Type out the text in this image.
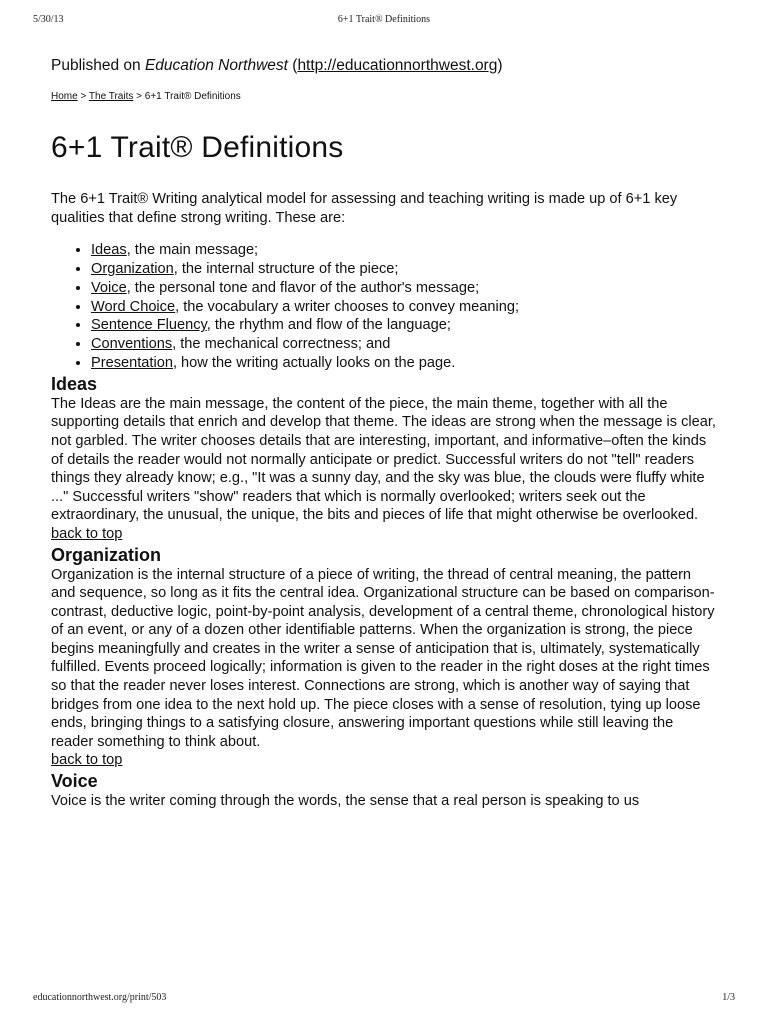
5/30/13	6+1 Trait® Definitions

Published on Education Northwest (http://educationnorthwest.org)

Home > The Traits > 6+1 Trait® Definitions
6+1 Trait® Definitions

The 6+1 Trait® Writing analytical model for assessing and teaching writing is made up of 6+1 key qualities that define strong writing. These are:

• Ideas, the main message;
• Organization, the internal structure of the piece;
• Voice, the personal tone and flavor of the author's message;
• Word Choice, the vocabulary a writer chooses to convey meaning;
• Sentence Fluency, the rhythm and flow of the language;
• Conventions, the mechanical correctness; and
• Presentation, how the writing actually looks on the page.
Ideas

The Ideas are the main message, the content of the piece, the main theme, together with all the supporting details that enrich and develop that theme. The ideas are strong when the message is clear, not garbled. The writer chooses details that are interesting, important, and informative–often the kinds of details the reader would not normally anticipate or predict. Successful writers do not "tell" readers things they already know; e.g., "It was a sunny day, and the sky was blue, the clouds were fluffy white ..." Successful writers "show" readers that which is normally overlooked; writers seek out the extraordinary, the unusual, the unique, the bits and pieces of life that might otherwise be overlooked.

back to top
Organization

Organization is the internal structure of a piece of writing, the thread of central meaning, the pattern and sequence, so long as it fits the central idea. Organizational structure can be based on comparison-contrast, deductive logic, point-by-point analysis, development of a central theme, chronological history of an event, or any of a dozen other identifiable patterns. When the organization is strong, the piece begins meaningfully and creates in the writer a sense of anticipation that is, ultimately, systematically fulfilled. Events proceed logically; information is given to the reader in the right doses at the right times so that the reader never loses interest. Connections are strong, which is another way of saying that bridges from one idea to the next hold up. The piece closes with a sense of resolution, tying up loose ends, bringing things to a satisfying closure, answering important questions while still leaving the reader something to think about.

back to top
Voice

Voice is the writer coming through the words, the sense that a real person is speaking to us

educationnorthwest.org/print/503	1/3
